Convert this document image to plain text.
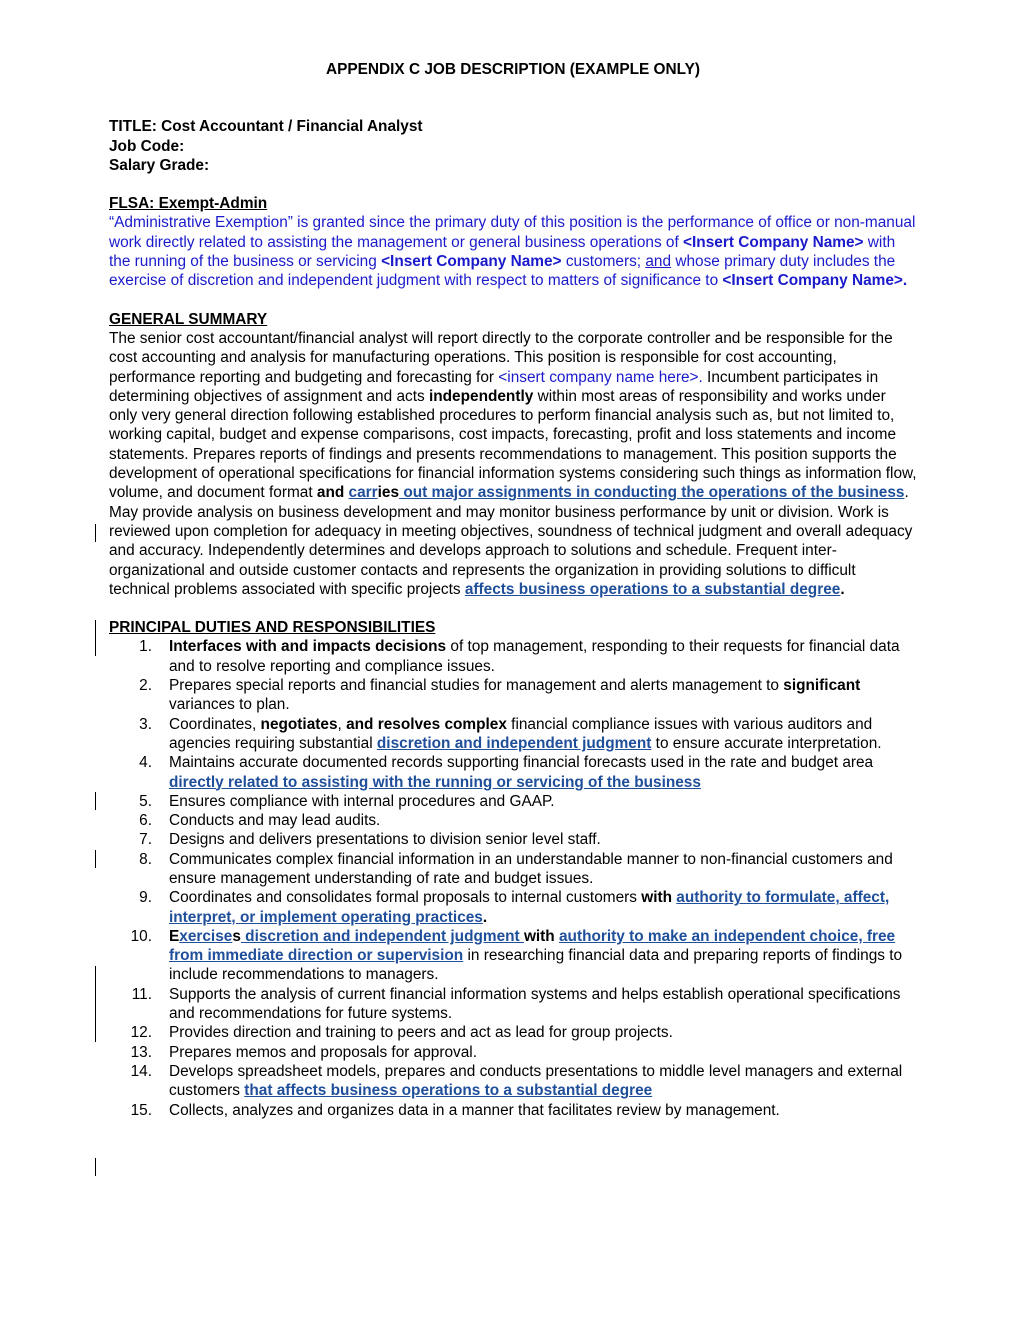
APPENDIX C JOB DESCRIPTION (EXAMPLE ONLY)

TITLE: Cost Accountant / Financial Analyst

Job Code:

Salary Grade:

FLSA: Exempt-Admin

“Administrative Exemption” is granted since the primary duty of this position is the performance of office or non-manual work directly related to assisting the management or general business operations of <Insert Company Name> with the running of the business or servicing <Insert Company Name> customers; and whose primary duty includes the exercise of discretion and independent judgment with respect to matters of significance to <Insert Company Name>.

GENERAL SUMMARY

The senior cost accountant/financial analyst will report directly to the corporate controller and be responsible for the cost accounting and analysis for manufacturing operations. This position is responsible for cost accounting, performance reporting and budgeting and forecasting for <insert company name here>. Incumbent participates in determining objectives of assignment and acts independently within most areas of responsibility and works under only very general direction following established procedures to perform financial analysis such as, but not limited to, working capital, budget and expense comparisons, cost impacts, forecasting, profit and loss statements and income statements. Prepares reports of findings and presents recommendations to management. This position supports the development of operational specifications for financial information systems considering such things as information flow, volume, and document format and carries out major assignments in conducting the operations of the business. May provide analysis on business development and may monitor business performance by unit or division. Work is reviewed upon completion for adequacy in meeting objectives, soundness of technical judgment and overall adequacy and accuracy. Independently determines and develops approach to solutions and schedule. Frequent inter-organizational and outside customer contacts and represents the organization in providing solutions to difficult technical problems associated with specific projects affects business operations to a substantial degree.

PRINCIPAL DUTIES AND RESPONSIBILITIES

1. Interfaces with and impacts decisions of top management, responding to their requests for financial data and to resolve reporting and compliance issues.
2. Prepares special reports and financial studies for management and alerts management to significant variances to plan.
3. Coordinates, negotiates, and resolves complex financial compliance issues with various auditors and agencies requiring substantial discretion and independent judgment to ensure accurate interpretation.
4. Maintains accurate documented records supporting financial forecasts used in the rate and budget area directly related to assisting with the running or servicing of the business
5. Ensures compliance with internal procedures and GAAP.
6. Conducts and may lead audits.
7. Designs and delivers presentations to division senior level staff.
8. Communicates complex financial information in an understandable manner to non-financial customers and ensure management understanding of rate and budget issues.
9. Coordinates and consolidates formal proposals to internal customers with authority to formulate, affect, interpret, or implement operating practices.
10. Exercises discretion and independent judgment with authority to make an independent choice, free from immediate direction or supervision in researching financial data and preparing reports of findings to include recommendations to managers.
11. Supports the analysis of current financial information systems and helps establish operational specifications and recommendations for future systems.
12. Provides direction and training to peers and act as lead for group projects.
13. Prepares memos and proposals for approval.
14. Develops spreadsheet models, prepares and conducts presentations to middle level managers and external customers that affects business operations to a substantial degree
15. Collects, analyzes and organizes data in a manner that facilitates review by management.
